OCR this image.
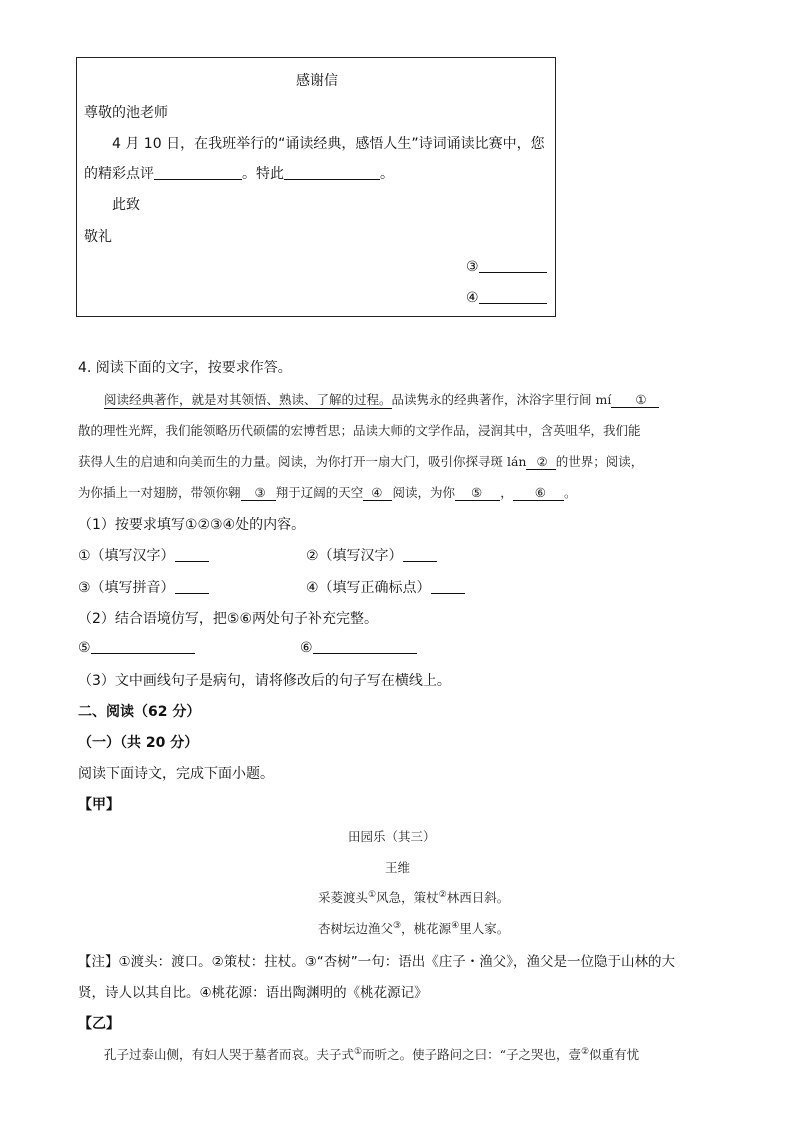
感谢信
尊敬的池老师
4 月 10 日，在我班举行的“诵读经典，感悟人生”诗词诵读比赛中，您
的精彩点评	。特此	。
此致
敬礼
③
④
4. 阅读下面的文字，按要求作答。
阅读经典著作，就是对其领悟、熟读、了解的过程。品读隽永的经典著作，沐浴字里行间 mí ①
散的理性光辉，我们能领略历代硕儒的宏博哲思；品读大师的文学作品，浸润其中，含英咀华，我们能
获得人生的启迪和向美而生的力量。阅读，为你打开一扇大门，吸引你探寻斑 lán ② 的世界；阅读，
为你插上一对翅膀，带领你翱 ③ 翔于辽阔的天空 ④ 阅读，为你 ⑤ ， ⑥ 。
（1）按要求填写①②③④处的内容。
①（填写汉字）	②（填写汉字）
③（填写拼音）	④（填写正确标点）
（2）结合语境仿写，把⑤⑥两处句子补充完整。
⑤	⑥
（3）文中画线句子是病句，请将修改后的句子写在横线上。
二、阅读（62 分）
（一）（共 20 分）
阅读下面诗文，完成下面小题。
【甲】
田园乐（其三）
王维
采菱渡头①风急，策杖②林西日斜。
杏树坛边渔父③，桃花源④里人家。
【注】①渡头：渡口。②策杖：拄杖。③“杏树”一句：语出《庄子・渔父》，渔父是一位隐于山林的大
贤，诗人以其自比。④桃花源：语出陶渊明的《桃花源记》
【乙】
孔子过泰山侧，有妇人哭于墓者而哀。夫子式①而听之。使子路问之曰：“子之哭也，壹②似重有忧
